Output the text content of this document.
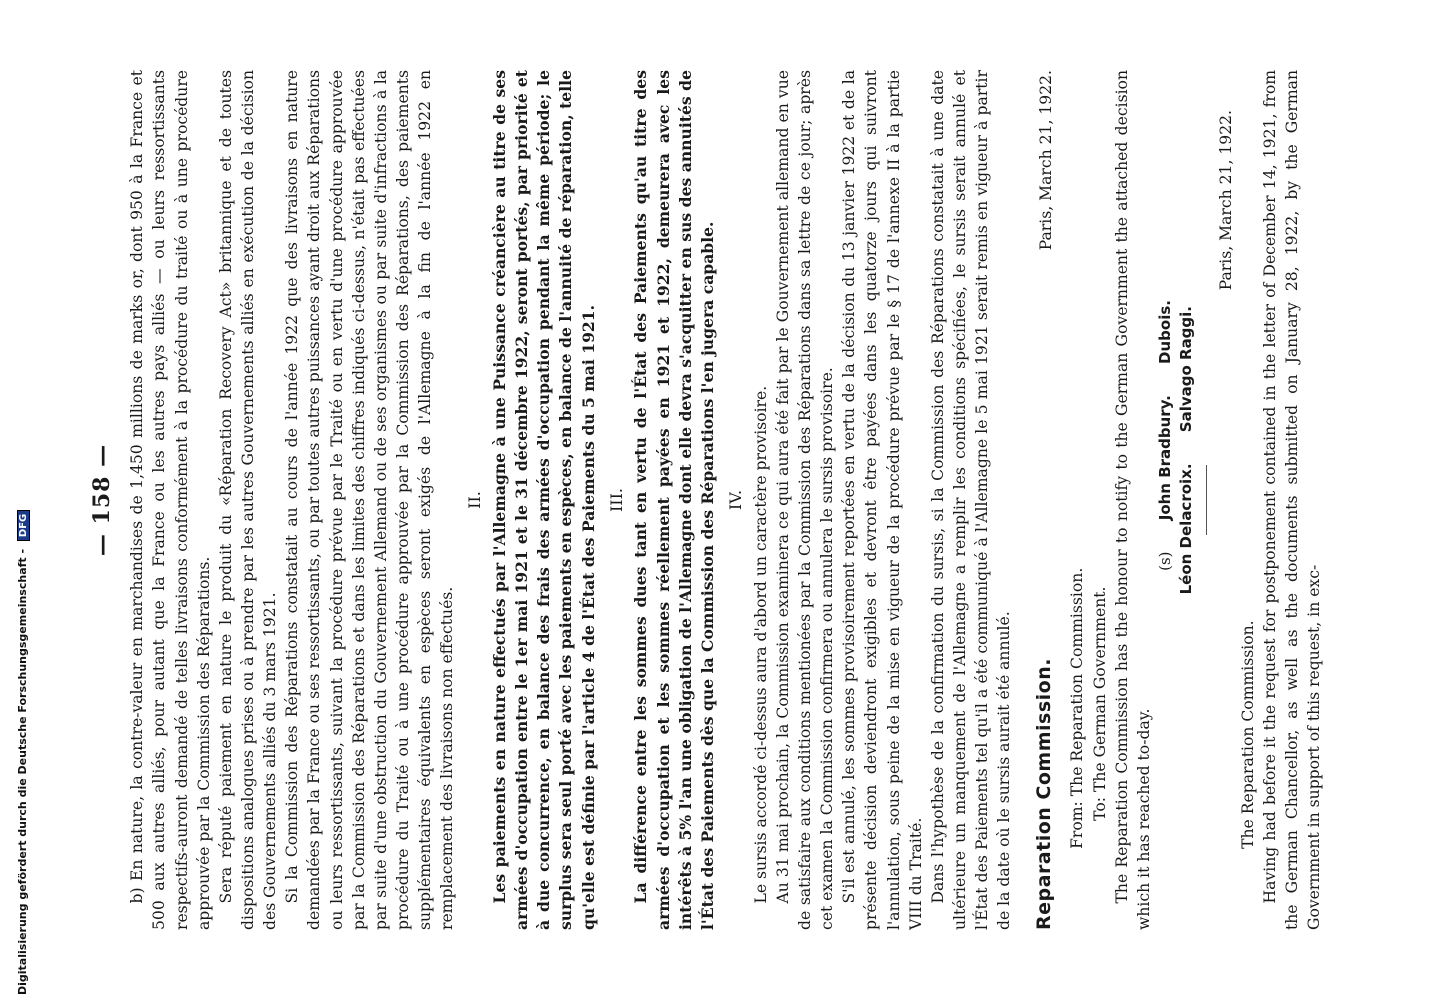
— 158 — b) En nature, la contre-valeur en marchandises de 1,450 millions de marks or, dont 950 à la France et 500 aux autres alliés, pour autant que la France ou les autres pays alliés — ou leurs ressortissants respectifs-auront demandé de telles livraisons conformément à la procédure du traité ou à une procédure approuvée par la Commission des Réparations. Sera réputé paiement en nature le produit du «Réparation Recovery Act» britannique et de toutes dispositions analogues prises ou à prendre par les autres Gouvernements alliés en exécution de la décision des Gouvernements alliés du 3 mars 1921. Si la Commission des Réparations constatait au cours de l'année 1922 que des livraisons en nature demandées par la France ou ses ressortissants, ou par toutes autres puissances ayant droit aux Réparations ou leurs ressortissants, suivant la procédure prévue par le Traité ou en vertu d'une procédure approuvée par la Commission des Réparations et dans les limites des chiffres indiqués ci-dessus, n'était pas effectuées par suite d'une obstruction du Gouvernement Allemand ou de ses organismes ou par suite d'infractions à la procédure du Traité ou à une procédure approuvée par la Commission des Réparations, des paiements supplémentaires équivalents en espèces seront exigés de l'Allemagne à la fin de l'année 1922 en remplacement des livraisons non effectués.

II. Les paiements en nature effectués par l'Allemagne à une Puissance créancière au titre de ses armées d'occupation entre le 1er mai 1921 et le 31 décembre 1922, seront portés, par priorité et à due concurrence, en balance des frais des armées d'occupation pendant la même période; le surplus sera seul porté avec les paiements en espèces, en balance de l'annuité de réparation, telle qu'elle est définie par l'article 4 de l'État des Paiements du 5 mai 1921. III. La différence entre les sommes dues tant en vertu de l'État des Paiements qu'au titre des armées d'occupation et les sommes réellement payées en 1921 et 1922, demeurera avec les intérêts à 5% l'an une obligation de l'Allemagne dont elle devra s'acquitter en sus des annuités de l'État des Paiements dès que la Commission des Réparations l'en jugera capable. IV. Le sursis accordé ci-dessus aura d'abord un caractère provisoire. Au 31 mai prochain, la Commission examinera ce qui aura été fait par le Gouvernement allemand en vue de satisfaire aux conditions mentionées par la Commission des Réparations dans sa lettre de ce jour; après cet examen la Commission confirmera ou annulera le sursis provisoire. S'il est annulé, les sommes provisoirement reportées en vertu de la décision du 13 janvier 1922 et de la présente décision deviendront exigibles et devront être payées dans les quatorze jours qui suivront l'annulation, sous peine de la mise en vigueur de la procédure prévue par le § 17 de l'annexe II à la partie VIII du Traité. Dans l'hypothèse de la confirmation du sursis, si la Commission des Réparations constatait à une date ultérieure un manquement de l'Allemagne a remplir les conditions spécifiées, le sursis serait annulé et l'État des Paiements tel qu'il a été communiqué à l'Allemagne le 5 mai 1921 serait remis en vigueur à partir de la date où le sursis aurait été annulé. Reparation Commission.
Paris, March 21, 1922.
From: The Reparation Commission. To: The German Government. The Reparation Commission has the honour to notify to the German Government the attached decision which it has reached to-day.

(s) John Bradbury. Dubois.
Léon Delacroix. Salvago Raggi.
Paris, March 21, 1922.
The Reparation Commission. Having had before it the request for postponement contained in the letter of December 14, 1921, from the German Chancellor, as well as the documents submitted on January 28, 1922, by the German Government in support of this request, in exc-

Digitalisierung gefördert durch die Deutsche Forschungsgemeinschaft - DFG
